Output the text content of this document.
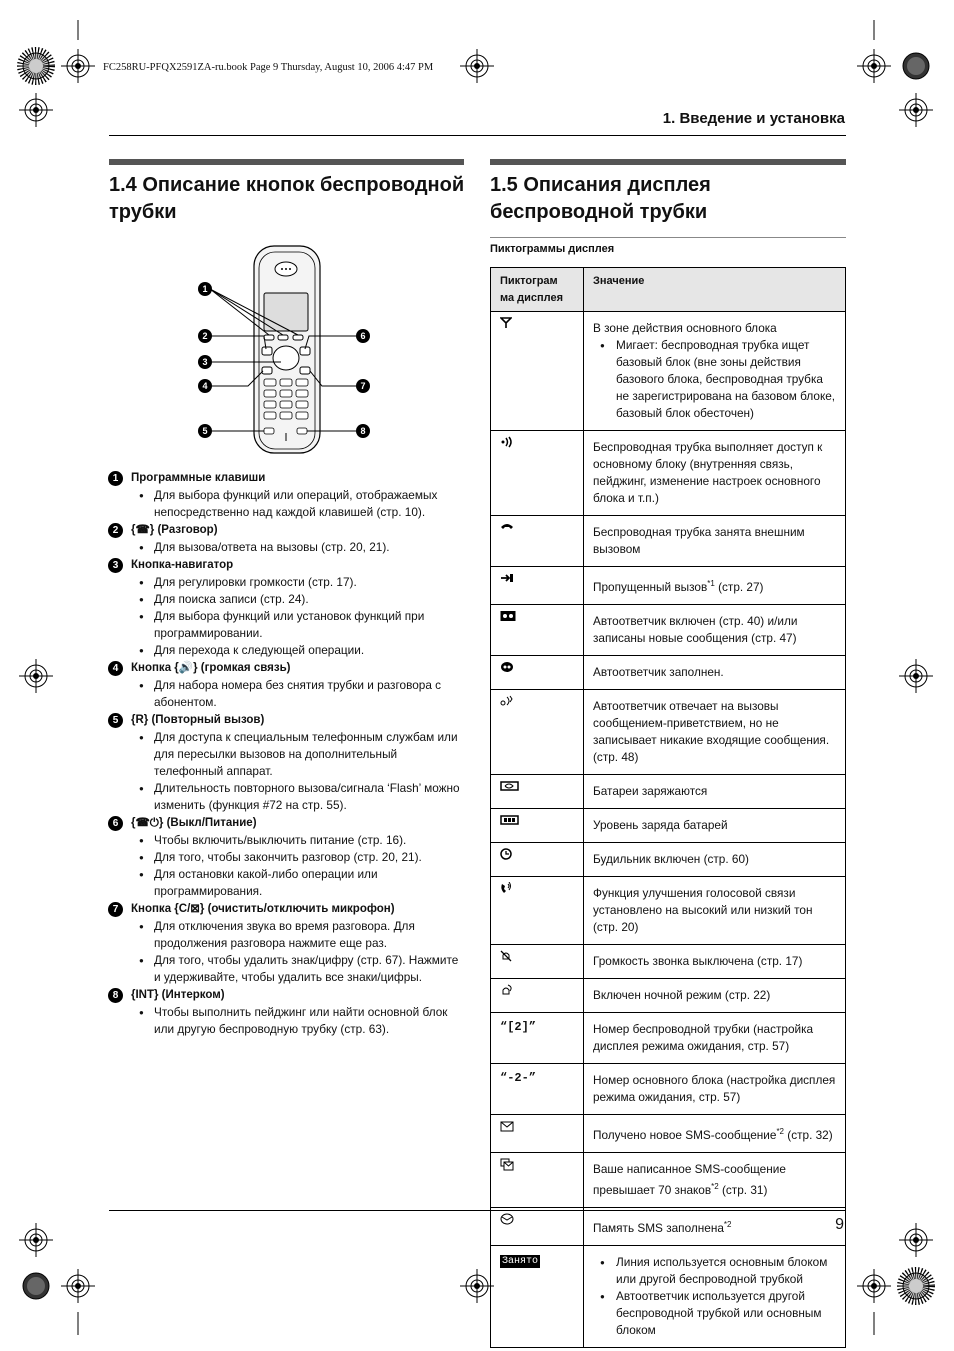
FC258RU-PFQX2591ZA-ru.book Page 9 Thursday, August 10, 2006 4:47 PM
1. Введение и установка
1.4 Описание кнопок беспроводной
трубки
1
2
3
4
5
6
7
8
1	Программные клавиши
● Для выбора функций или операций, отображаемых непосредственно над каждой клавишей (стр. 10).
2	{☎} (Разговор)
● Для вызова/ответа на вызовы (стр. 20, 21).
3	Кнопка-навигатор
● Для регулировки громкости (стр. 17).
● Для поиска записи (стр. 24).
● Для выбора функций или установок функций при программировании.
● Для перехода к следующей операции.
4	Кнопка {🔊} (громкая связь)
● Для набора номера без снятия трубки и разговора с абонентом.
5	{R} (Повторный вызов)
● Для доступа к специальным телефонным службам или для пересылки вызовов на дополнительный телефонный аппарат.
● Длительность повторного вызова/сигнала ‘Flash’ можно изменить (функция #72 на стр. 55).
6	{☎⏻} (Выкл/Питание)
● Чтобы включить/выключить питание (стр. 16).
● Для того, чтобы закончить разговор (стр. 20, 21).
● Для остановки какой-либо операции или программирования.
7	Кнопка {C/⊠} (очистить/отключить микрофон)
● Для отключения звука во время разговора. Для продолжения разговора нажмите еще раз.
● Для того, чтобы удалить знак/цифру (стр. 67). Нажмите и удерживайте, чтобы удалить все знаки/цифры.
8	{INT} (Интерком)
● Чтобы выполнить пейджинг или найти основной блок или другую беспроводную трубку (стр. 63).
1.5 Описания дисплея
беспроводной трубки
Пиктограммы дисплея
Пиктограм
ма дисплея	Значение

В зоне действия основного блока
● Мигает: беспроводная трубка ищет базовый блок (вне зоны действия базового блока, беспроводная трубка не зарегистрирована на базовом блоке, базовый блок обесточен)

	Беспроводная трубка выполняет доступ к основному блоку (внутренняя связь, пейджинг, изменение настроек основного блока и т.п.)
	Беспроводная трубка занята внешним вызовом
	Пропущенный вызов$^{*1}$ (стр. 27)
	Автоответчик включен (стр. 40) и/или записаны новые сообщения (стр. 47)
	Автоответчик заполнен.
	Автоответчик отвечает на вызовы сообщением-приветствием, но не записывает никакие входящие сообщения. (стр. 48)
	Батареи заряжаются
	Уровень заряда батарей
	Будильник включен (стр. 60)
	Функция улучшения голосовой связи установлено на высокий или низкий тон (стр. 20)
	Громкость звонка выключена (стр. 17)
	Включен ночной режим (стр. 22)
“[2]”	Номер беспроводной трубки (настройка дисплея режима ожидания, стр. 57)
“-2-”	Номер основного блока (настройка дисплея режима ожидания, стр. 57)
	Получено новое SMS-сообщение$^{*2}$ (стр. 32)
	Ваше написанное SMS-сообщение превышает 70 знаков$^{*2}$ (стр. 31)
	Память SMS заполнена$^{*2}$
Занято	● Линия используется основным блоком или другой беспроводной трубкой
● Автоответчик используется другой беспроводной трубкой или основным блоком
9
